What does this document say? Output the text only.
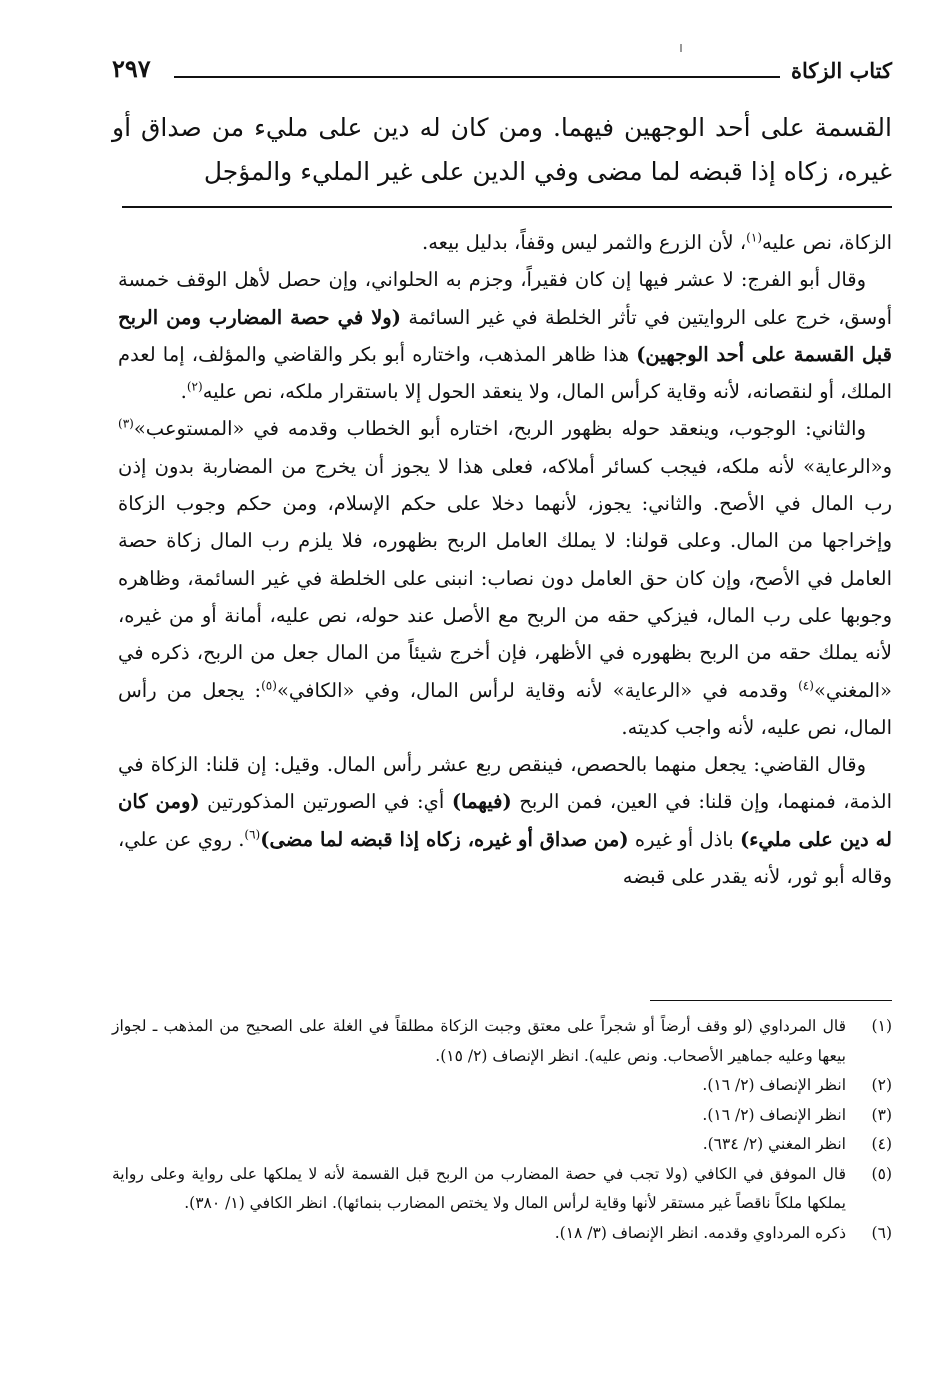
كتاب الزكاة
٢٩٧
القسمة على أحد الوجهين فيهما. ومن كان له دين على مليء من صداق أو غيره، زكاه إذا قبضه لما مضى وفي الدين على غير المليء والمؤجل

الزكاة، نص عليه$^{(١)}$، لأن الزرع والثمر ليس وقفاً، بدليل بيعه.

وقال أبو الفرج: لا عشر فيها إن كان فقيراً، وجزم به الحلواني، وإن حصل لأهل الوقف خمسة أوسق، خرج على الروايتين في تأثر الخلطة في غير السائمة (ولا في حصة المضارب ومن الربح قبل القسمة على أحد الوجهين) هذا ظاهر المذهب، واختاره أبو بكر والقاضي والمؤلف، إما لعدم الملك، أو لنقصانه، لأنه وقاية كرأس المال، ولا ينعقد الحول إلا باستقرار ملكه، نص عليه$^{(٢)}$.

والثاني: الوجوب، وينعقد حوله بظهور الربح، اختاره أبو الخطاب وقدمه في «المستوعب»$^{(٣)}$ و«الرعاية» لأنه ملكه، فيجب كسائر أملاكه، فعلى هذا لا يجوز أن يخرج من المضاربة بدون إذن رب المال في الأصح. والثاني: يجوز، لأنهما دخلا على حكم الإسلام، ومن حكم وجوب الزكاة وإخراجها من المال. وعلى قولنا: لا يملك العامل الربح بظهوره، فلا يلزم رب المال زكاة حصة العامل في الأصح، وإن كان حق العامل دون نصاب: انبنى على الخلطة في غير السائمة، وظاهره وجوبها على رب المال، فيزكي حقه من الربح مع الأصل عند حوله، نص عليه، أمانة أو من غيره، لأنه يملك حقه من الربح بظهوره في الأظهر، فإن أخرج شيئاً من المال جعل من الربح، ذكره في «المغني»$^{(٤)}$ وقدمه في «الرعاية» لأنه وقاية لرأس المال، وفي «الكافي»$^{(٥)}$: يجعل من رأس المال، نص عليه، لأنه واجب كديته.

وقال القاضي: يجعل منهما بالحصص، فينقص ربع عشر رأس المال. وقيل: إن قلنا: الزكاة في الذمة، فمنهما، وإن قلنا: في العين، فمن الربح (فيهما) أي: في الصورتين المذكورتين (ومن كان له دين على مليء) باذل أو غيره (من صداق أو غيره، زكاه إذا قبضه لما مضى)$^{(٦)}$. روي عن علي، وقاله أبو ثور، لأنه يقدر على قبضه

(١)
قال المرداوي (لو وقف أرضاً أو شجراً على معتق وجبت الزكاة مطلقاً في الغلة على الصحيح من المذهب ـ لجواز بيعها وعليه جماهير الأصحاب. ونص عليه). انظر الإنصاف (٢/ ١٥).
(٢)
انظر الإنصاف (٢/ ١٦).
(٣)
انظر الإنصاف (٢/ ١٦).
(٤)
انظر المغني (٢/ ٦٣٤).
(٥)
قال الموفق في الكافي (ولا تجب في حصة المضارب من الربح قبل القسمة لأنه لا يملكها على رواية وعلى رواية يملكها ملكاً ناقصاً غير مستقر لأنها وقاية لرأس المال ولا يختص المضارب بنمائها). انظر الكافي (١/ ٣٨٠).
(٦)
ذكره المرداوي وقدمه. انظر الإنصاف (٣/ ١٨).
